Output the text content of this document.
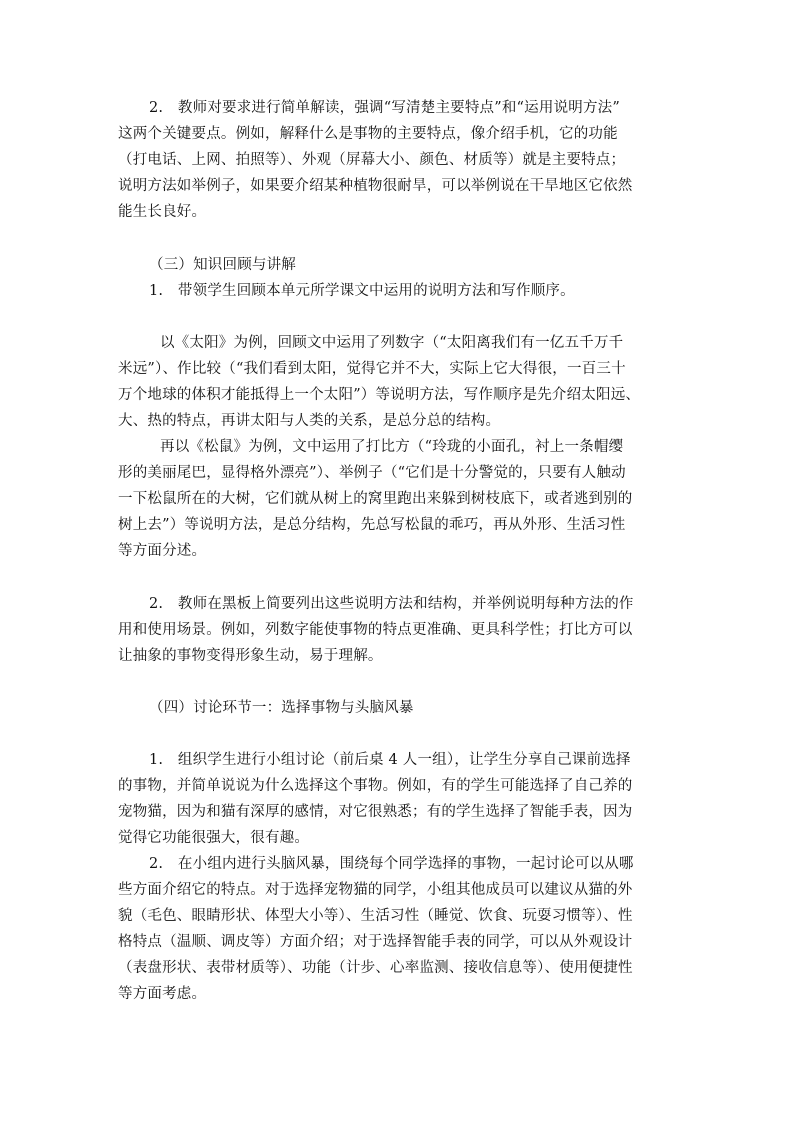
2.　教师对要求进行简单解读，强调“写清楚主要特点”和“运用说明方法”
这两个关键要点。例如，解释什么是事物的主要特点，像介绍手机，它的功能
（打电话、上网、拍照等）、外观（屏幕大小、颜色、材质等）就是主要特点；
说明方法如举例子，如果要介绍某种植物很耐旱，可以举例说在干旱地区它依然
能生长良好。
（三）知识回顾与讲解
1.　带领学生回顾本单元所学课文中运用的说明方法和写作顺序。
以《太阳》为例，回顾文中运用了列数字（“太阳离我们有一亿五千万千
米远”）、作比较（“我们看到太阳，觉得它并不大，实际上它大得很，一百三十
万个地球的体积才能抵得上一个太阳”）等说明方法，写作顺序是先介绍太阳远、
大、热的特点，再讲太阳与人类的关系，是总分总的结构。
再以《松鼠》为例，文中运用了打比方（“玲珑的小面孔，衬上一条帽缨
形的美丽尾巴，显得格外漂亮”）、举例子（“它们是十分警觉的，只要有人触动
一下松鼠所在的大树，它们就从树上的窝里跑出来躲到树枝底下，或者逃到别的
树上去”）等说明方法，是总分结构，先总写松鼠的乖巧，再从外形、生活习性
等方面分述。
2.　教师在黑板上简要列出这些说明方法和结构，并举例说明每种方法的作
用和使用场景。例如，列数字能使事物的特点更准确、更具科学性；打比方可以
让抽象的事物变得形象生动，易于理解。
（四）讨论环节一：选择事物与头脑风暴
1.　组织学生进行小组讨论（前后桌 4 人一组），让学生分享自己课前选择
的事物，并简单说说为什么选择这个事物。例如，有的学生可能选择了自己养的
宠物猫，因为和猫有深厚的感情，对它很熟悉；有的学生选择了智能手表，因为
觉得它功能很强大，很有趣。
2.　在小组内进行头脑风暴，围绕每个同学选择的事物，一起讨论可以从哪
些方面介绍它的特点。对于选择宠物猫的同学，小组其他成员可以建议从猫的外
貌（毛色、眼睛形状、体型大小等）、生活习性（睡觉、饮食、玩耍习惯等）、性
格特点（温顺、调皮等）方面介绍；对于选择智能手表的同学，可以从外观设计
（表盘形状、表带材质等）、功能（计步、心率监测、接收信息等）、使用便捷性
等方面考虑。
